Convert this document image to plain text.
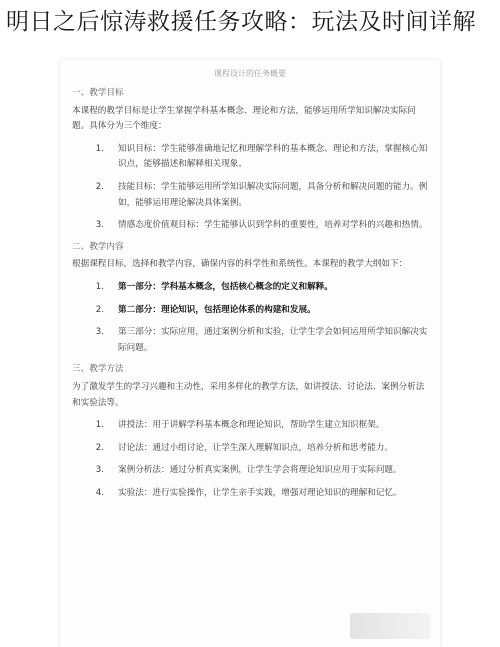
明日之后惊涛救援任务攻略：玩法及时间详解
课程设计的任务概要
一、教学目标
本课程的教学目标是让学生掌握学科基本概念、理论和方法，能够运用所学知识解决实际问题。具体分为三个维度：
1.	知识目标：学生能够准确地记忆和理解学科的基本概念、理论和方法，掌握核心知识点，能够描述和解释相关现象。
2.	技能目标：学生能够运用所学知识解决实际问题，具备分析和解决问题的能力。例如，能够运用理论解决具体案例。
3.	情感态度价值观目标：学生能够认识到学科的重要性，培养对学科的兴趣和热情。
二、教学内容
根据课程目标，选择和教学内容，确保内容的科学性和系统性。本课程的教学大纲如下：
1.	第一部分：学科基本概念，包括核心概念的定义和解释。
2.	第二部分：理论知识，包括理论体系的构建和发展。
3.	第三部分：实际应用，通过案例分析和实验，让学生学会如何运用所学知识解决实际问题。
三、教学方法
为了激发学生的学习兴趣和主动性，采用多样化的教学方法，如讲授法、讨论法、案例分析法和实验法等。
1.	讲授法：用于讲解学科基本概念和理论知识，帮助学生建立知识框架。
2.	讨论法：通过小组讨论，让学生深入理解知识点，培养分析和思考能力。
3.	案例分析法：通过分析真实案例，让学生学会将理论知识应用于实际问题。
4.	实验法：进行实验操作，让学生亲手实践，增强对理论知识的理解和记忆。
